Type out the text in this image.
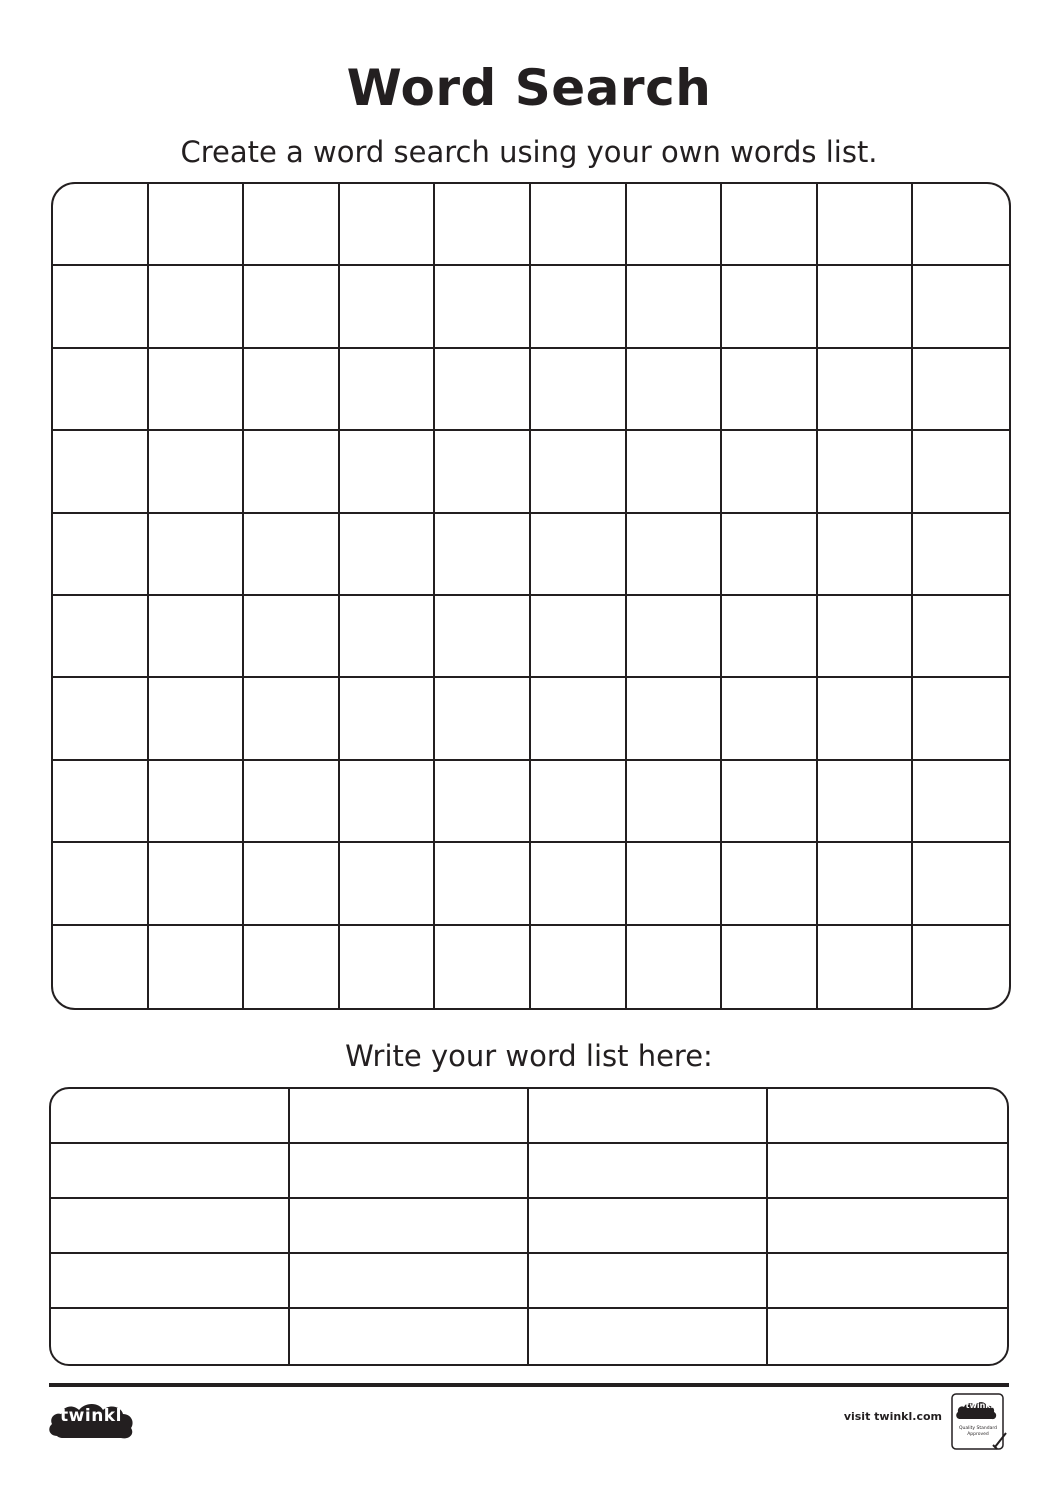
Word Search
Create a word search using your own words list.
Write your word list here:
twinkl	visit twinkl.com
twinkl
Quality Standard
Approved
